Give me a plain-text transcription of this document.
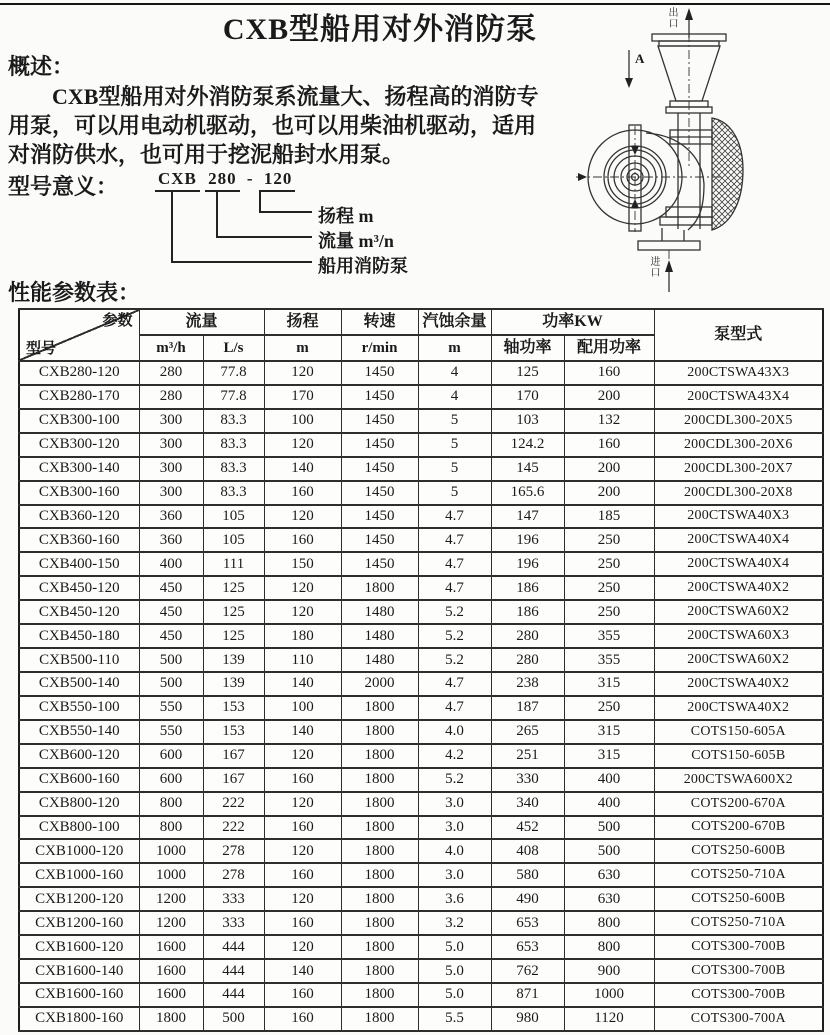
CXB型船用对外消防泵
概述：

CXB型船用对外消防泵系流量大、扬程高的消防专
用泵，可以用电动机驱动，也可以用柴油机驱动，适用
对消防供水，也可用于挖泥船封水用泵。

型号意义： CXB 280 - 120
扬程 m
流量 m³/n
船用消防泵
出口
A
进口
性能参数表：
参数
型号	流量		扬程	转速	汽蚀余量	功率KW		泵型式
	m³/h	L/s	m	r/min	m	轴功率	配用功率	
CXB280-120	280	77.8	120	1450	4	125	160	200CTSWA43X3
CXB280-170	280	77.8	170	1450	4	170	200	200CTSWA43X4
CXB300-100	300	83.3	100	1450	5	103	132	200CDL300-20X5
CXB300-120	300	83.3	120	1450	5	124.2	160	200CDL300-20X6
CXB300-140	300	83.3	140	1450	5	145	200	200CDL300-20X7
CXB300-160	300	83.3	160	1450	5	165.6	200	200CDL300-20X8
CXB360-120	360	105	120	1450	4.7	147	185	200CTSWA40X3
CXB360-160	360	105	160	1450	4.7	196	250	200CTSWA40X4
CXB400-150	400	111	150	1450	4.7	196	250	200CTSWA40X4
CXB450-120	450	125	120	1800	4.7	186	250	200CTSWA40X2
CXB450-120	450	125	120	1480	5.2	186	250	200CTSWA60X2
CXB450-180	450	125	180	1480	5.2	280	355	200CTSWA60X3
CXB500-110	500	139	110	1480	5.2	280	355	200CTSWA60X2
CXB500-140	500	139	140	2000	4.7	238	315	200CTSWA40X2
CXB550-100	550	153	100	1800	4.7	187	250	200CTSWA40X2
CXB550-140	550	153	140	1800	4.0	265	315	COTS150-605A
CXB600-120	600	167	120	1800	4.2	251	315	COTS150-605B
CXB600-160	600	167	160	1800	5.2	330	400	200CTSWA600X2
CXB800-120	800	222	120	1800	3.0	340	400	COTS200-670A
CXB800-100	800	222	160	1800	3.0	452	500	COTS200-670B
CXB1000-120	1000	278	120	1800	4.0	408	500	COTS250-600B
CXB1000-160	1000	278	160	1800	3.0	580	630	COTS250-710A
CXB1200-120	1200	333	120	1800	3.6	490	630	COTS250-600B
CXB1200-160	1200	333	160	1800	3.2	653	800	COTS250-710A
CXB1600-120	1600	444	120	1800	5.0	653	800	COTS300-700B
CXB1600-140	1600	444	140	1800	5.0	762	900	COTS300-700B
CXB1600-160	1600	444	160	1800	5.0	871	1000	COTS300-700B
CXB1800-160	1800	500	160	1800	5.5	980	1120	COTS300-700A
